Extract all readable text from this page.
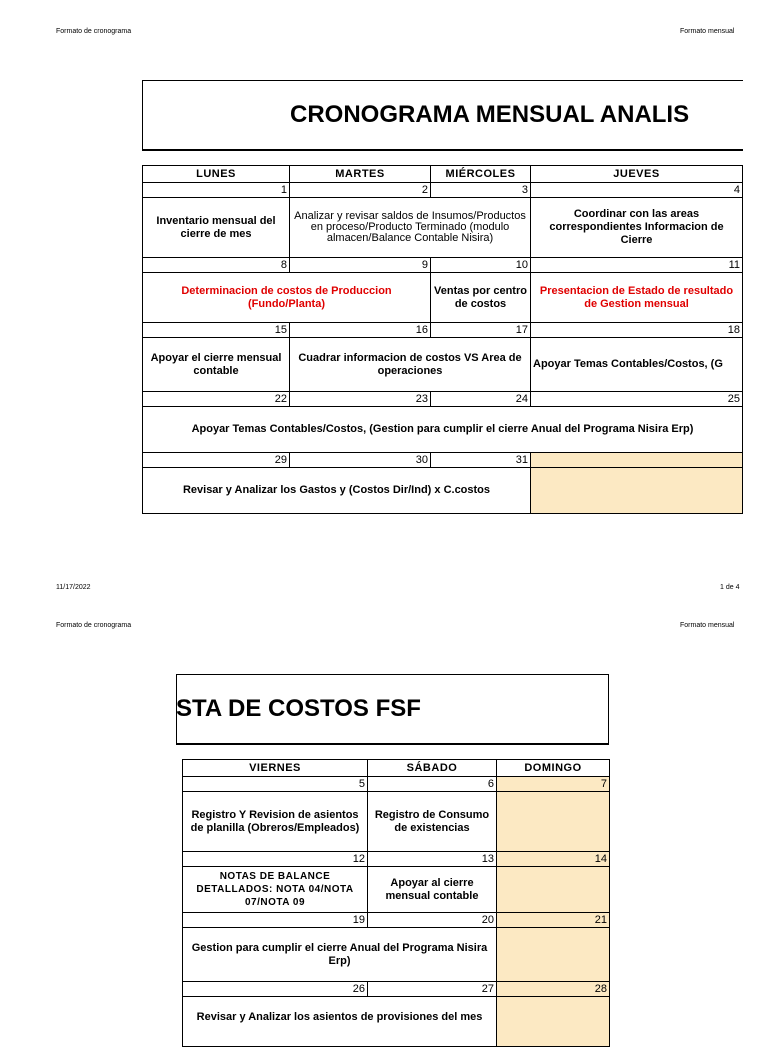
Formato de cronograma	Formato mensual
CRONOGRAMA MENSUAL ANALIS
LUNES	MARTES	MIÉRCOLES	JUEVES
1	2	3	4
Inventario mensual del cierre de mes	Analizar y revisar saldos de Insumos/Productos en proceso/Producto Terminado (modulo almacen/Balance Contable Nisira)		Coordinar con las areas correspondientes Informacion de Cierre
8	9	10	11
Determinacion de costos de Produccion (Fundo/Planta)		Ventas por centro de costos	Presentacion de Estado de resultado de Gestion mensual
15	16	17	18
Apoyar el cierre mensual contable	Cuadrar informacion de costos VS Area de operaciones		Apoyar Temas Contables/Costos, (G
22	23	24	25
Apoyar Temas Contables/Costos, (Gestion para cumplir el cierre Anual del Programa Nisira Erp)			
29	30	31	
Revisar y Analizar los Gastos y (Costos Dir/Ind) x C.costos			
11/17/2022	1 de 4
Formato de cronograma	Formato mensual
STA DE COSTOS FSF
VIERNES	SÁBADO	DOMINGO
5	6	7
Registro Y Revision de asientos de planilla (Obreros/Empleados)	Registro de Consumo de existencias	
12	13	14
NOTAS DE BALANCE DETALLADOS: NOTA 04/NOTA 07/NOTA 09	Apoyar al cierre mensual contable	
19	20	21
Gestion para cumplir el cierre Anual del Programa Nisira Erp)		
26	27	28
Revisar y Analizar los asientos de provisiones del mes		
